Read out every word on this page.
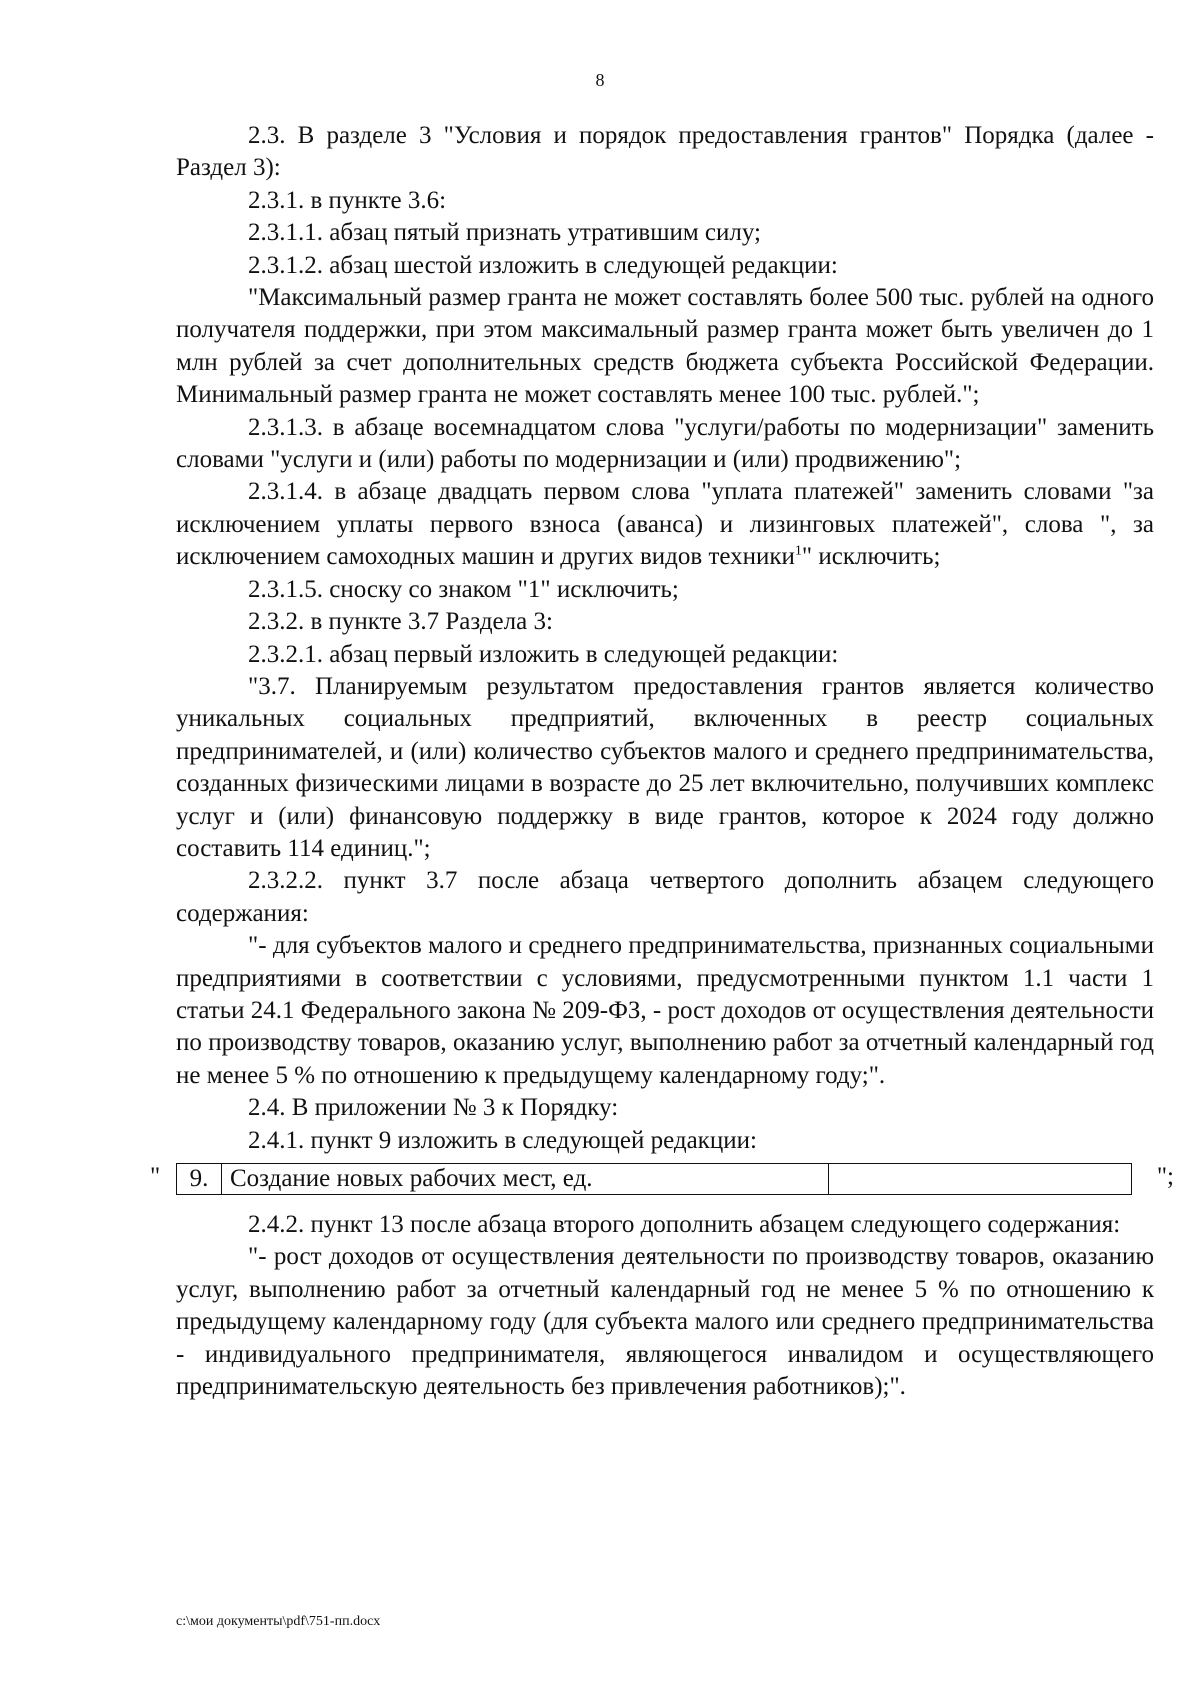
8

2.3. В разделе 3 "Условия и порядок предоставления грантов" Порядка (далее - Раздел 3):

2.3.1. в пункте 3.6:

2.3.1.1. абзац пятый признать утратившим силу;

2.3.1.2. абзац шестой изложить в следующей редакции:

"Максимальный размер гранта не может составлять более 500 тыс. рублей на одного получателя поддержки, при этом максимальный размер гранта может быть увеличен до 1 млн рублей за счет дополнительных средств бюджета субъекта Российской Федерации. Минимальный размер гранта не может составлять менее 100 тыс. рублей.";

2.3.1.3. в абзаце восемнадцатом слова "услуги/работы по модернизации" заменить словами "услуги и (или) работы по модернизации и (или) продвижению";

2.3.1.4. в абзаце двадцать первом слова "уплата платежей" заменить словами "за исключением уплаты первого взноса (аванса) и лизинговых платежей", слова ", за исключением самоходных машин и других видов техники$^1$" исключить;

2.3.1.5. сноску со знаком "1" исключить;

2.3.2. в пункте 3.7 Раздела 3:

2.3.2.1. абзац первый изложить в следующей редакции:

"3.7. Планируемым результатом предоставления грантов является количество уникальных социальных предприятий, включенных в реестр социальных предпринимателей, и (или) количество субъектов малого и среднего предпринимательства, созданных физическими лицами в возрасте до 25 лет включительно, получивших комплекс услуг и (или) финансовую поддержку в виде грантов, которое к 2024 году должно составить 114 единиц.";

2.3.2.2. пункт 3.7 после абзаца четвертого дополнить абзацем следующего содержания:

"- для субъектов малого и среднего предпринимательства, признанных социальными предприятиями в соответствии с условиями, предусмотренными пунктом 1.1 части 1 статьи 24.1 Федерального закона № 209-ФЗ, - рост доходов от осуществления деятельности по производству товаров, оказанию услуг, выполнению работ за отчетный календарный год не менее 5 % по отношению к предыдущему календарному году;".

2.4. В приложении № 3 к Порядку:

2.4.1. пункт 9 изложить в следующей редакции:

"	9. Создание новых рабочих мест, ед.	";

2.4.2. пункт 13 после абзаца второго дополнить абзацем следующего содержания:

"- рост доходов от осуществления деятельности по производству товаров, оказанию услуг, выполнению работ за отчетный календарный год не менее 5 % по отношению к предыдущему календарному году (для субъекта малого или среднего предпринимательства - индивидуального предпринимателя, являющегося инвалидом и осуществляющего предпринимательскую деятельность без привлечения работников);".

c:\мои документы\pdf\751-пп.docx
